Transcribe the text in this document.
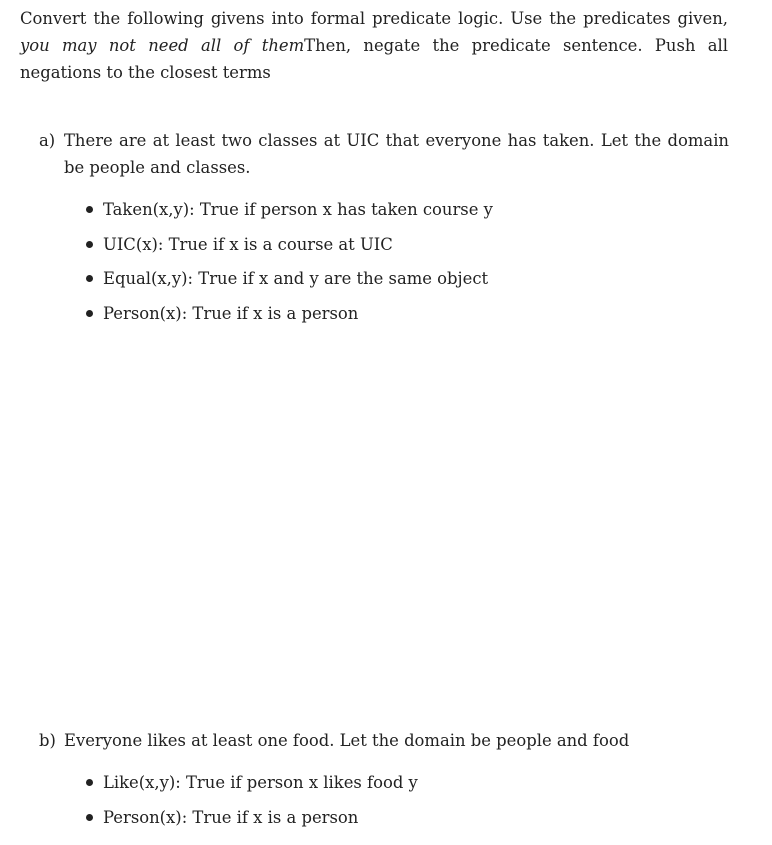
Convert the following givens into formal predicate logic. Use the predicates given, you may not need all of themThen, negate the predicate sentence. Push all negations to the closest terms
a) There are at least two classes at UIC that everyone has taken. Let the domain be people and classes.
Taken(x,y): True if person x has taken course y
UIC(x): True if x is a course at UIC
Equal(x,y): True if x and y are the same object
Person(x): True if x is a person
b) Everyone likes at least one food. Let the domain be people and food
Like(x,y): True if person x likes food y
Person(x): True if x is a person
